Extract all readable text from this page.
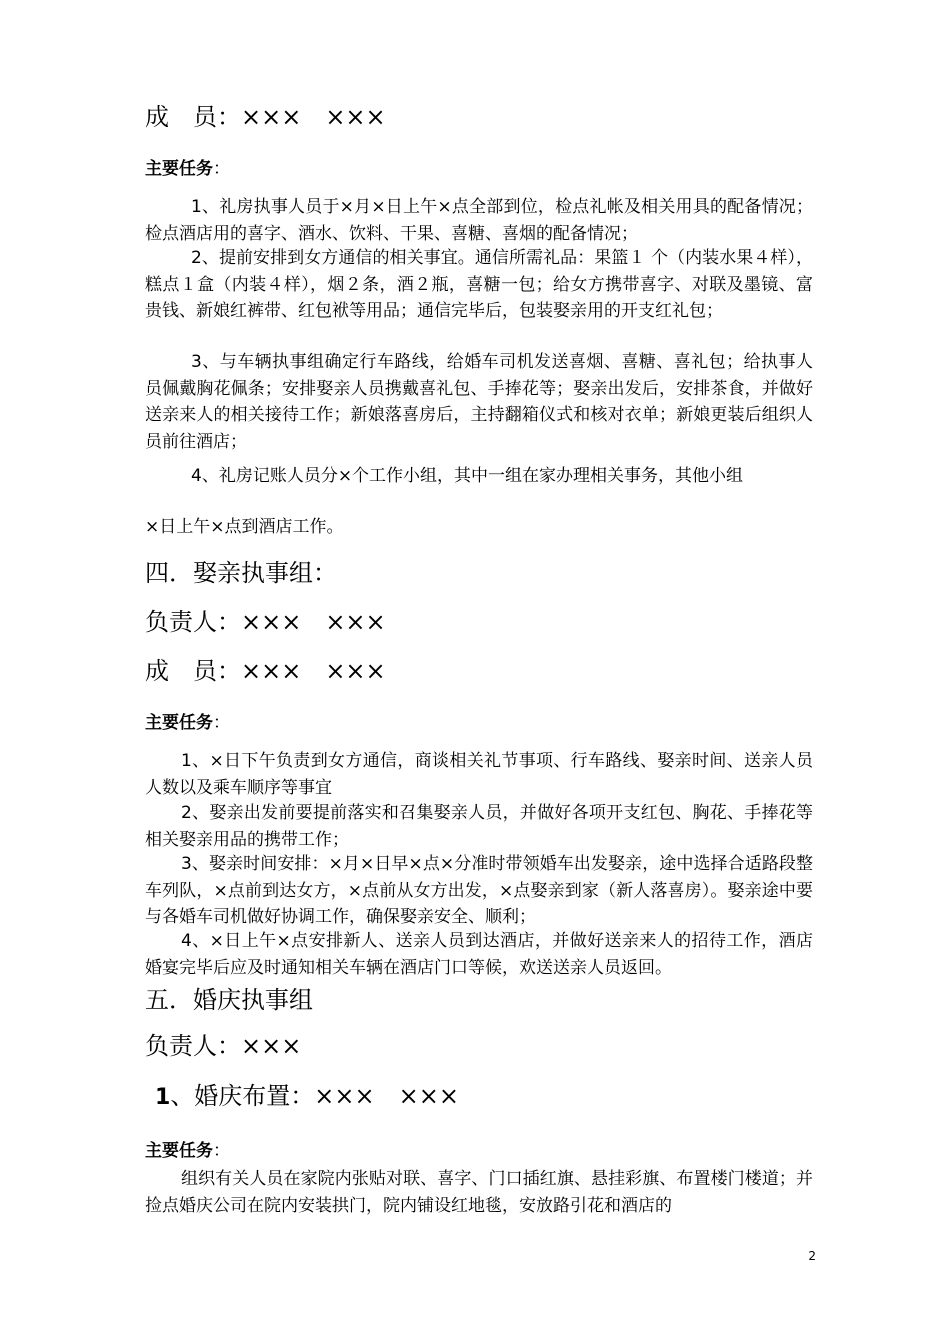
成　员：×××　×××
主要任务：
1、礼房执事人员于×月×日上午×点全部到位，检点礼帐及相关用具的配备情况；检点酒店用的喜字、酒水、饮料、干果、喜糖、喜烟的配备情况；
2、提前安排到女方通信的相关事宜。通信所需礼品：果篮１ 个（内装水果４样），糕点１盒（内装４样），烟２条，酒２瓶，喜糖一包；给女方携带喜字、对联及墨镜、富贵钱、新娘红裤带、红包袱等用品；通信完毕后，包装娶亲用的开支红礼包；
3、与车辆执事组确定行车路线，给婚车司机发送喜烟、喜糖、喜礼包；给执事人员佩戴胸花佩条；安排娶亲人员携戴喜礼包、手捧花等；娶亲出发后，安排茶食，并做好送亲来人的相关接待工作；新娘落喜房后，主持翻箱仪式和核对衣单；新娘更装后组织人员前往酒店；
4、礼房记账人员分×个工作小组，其中一组在家办理相关事务，其他小组
×日上午×点到酒店工作。
四．娶亲执事组：
负责人：×××　×××
成　员：×××　×××
主要任务：
1、×日下午负责到女方通信，商谈相关礼节事项、行车路线、娶亲时间、送亲人员人数以及乘车顺序等事宜
2、娶亲出发前要提前落实和召集娶亲人员，并做好各项开支红包、胸花、手捧花等相关娶亲用品的携带工作；
3、娶亲时间安排：×月×日早×点×分准时带领婚车出发娶亲，途中选择合适路段整车列队，×点前到达女方，×点前从女方出发，×点娶亲到家（新人落喜房）。娶亲途中要与各婚车司机做好协调工作，确保娶亲安全、顺利；
4、×日上午×点安排新人、送亲人员到达酒店，并做好送亲来人的招待工作，酒店婚宴完毕后应及时通知相关车辆在酒店门口等候，欢送送亲人员返回。
五．婚庆执事组
负责人：×××
1、婚庆布置：×××　×××
主要任务：
组织有关人员在家院内张贴对联、喜字、门口插红旗、悬挂彩旗、布置楼门楼道；并捡点婚庆公司在院内安装拱门，院内铺设红地毯，安放路引花和酒店的
2
